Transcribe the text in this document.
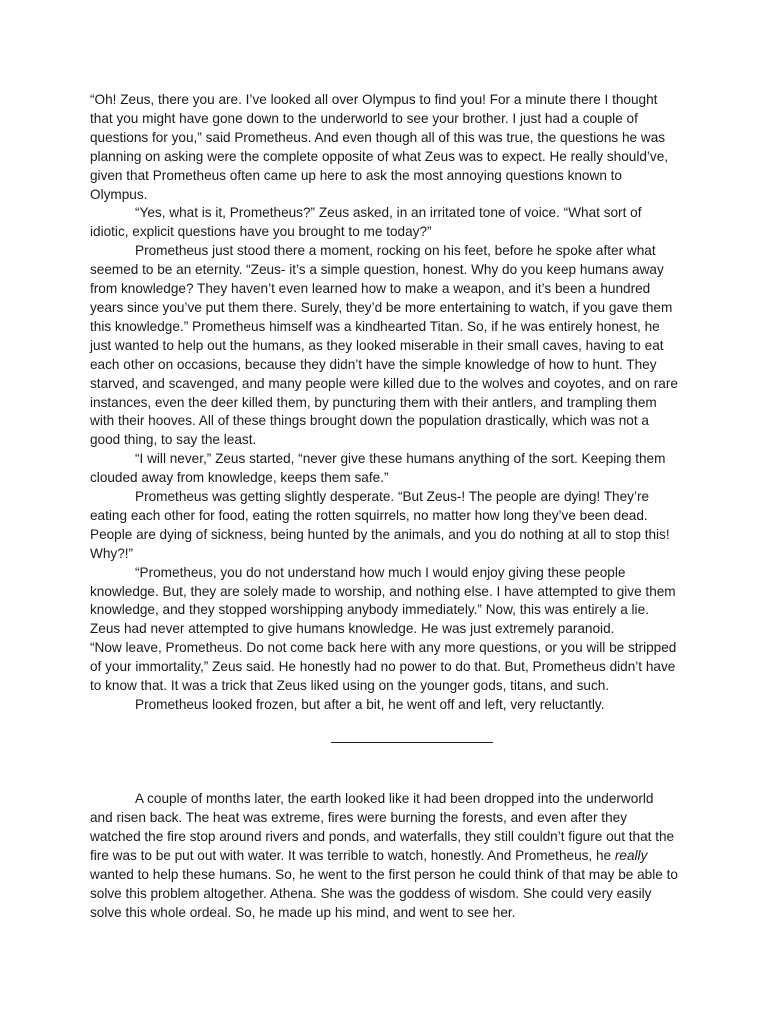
“Oh! Zeus, there you are. I’ve looked all over Olympus to find you! For a minute there I thought that you might have gone down to the underworld to see your brother. I just had a couple of questions for you,” said Prometheus. And even though all of this was true, the questions he was planning on asking were the complete opposite of what Zeus was to expect. He really should’ve, given that Prometheus often came up here to ask the most annoying questions known to Olympus.

“Yes, what is it, Prometheus?” Zeus asked, in an irritated tone of voice. “What sort of idiotic, explicit questions have you brought to me today?”

Prometheus just stood there a moment, rocking on his feet, before he spoke after what seemed to be an eternity. “Zeus- it’s a simple question, honest. Why do you keep humans away from knowledge? They haven’t even learned how to make a weapon, and it’s been a hundred years since you’ve put them there. Surely, they’d be more entertaining to watch, if you gave them this knowledge.” Prometheus himself was a kindhearted Titan. So, if he was entirely honest, he just wanted to help out the humans, as they looked miserable in their small caves, having to eat each other on occasions, because they didn’t have the simple knowledge of how to hunt. They starved, and scavenged, and many people were killed due to the wolves and coyotes, and on rare instances, even the deer killed them, by puncturing them with their antlers, and trampling them with their hooves. All of these things brought down the population drastically, which was not a good thing, to say the least.

“I will never,” Zeus started, “never give these humans anything of the sort. Keeping them clouded away from knowledge, keeps them safe.”

Prometheus was getting slightly desperate. “But Zeus-! The people are dying! They’re eating each other for food, eating the rotten squirrels, no matter how long they’ve been dead. People are dying of sickness, being hunted by the animals, and you do nothing at all to stop this! Why?!”

“Prometheus, you do not understand how much I would enjoy giving these people knowledge. But, they are solely made to worship, and nothing else. I have attempted to give them knowledge, and they stopped worshipping anybody immediately.” Now, this was entirely a lie. Zeus had never attempted to give humans knowledge. He was just extremely paranoid.

“Now leave, Prometheus. Do not come back here with any more questions, or you will be stripped of your immortality,” Zeus said. He honestly had no power to do that. But, Prometheus didn’t have to know that. It was a trick that Zeus liked using on the younger gods, titans, and such.

Prometheus looked frozen, but after a bit, he went off and left, very reluctantly.

A couple of months later, the earth looked like it had been dropped into the underworld and risen back. The heat was extreme, fires were burning the forests, and even after they watched the fire stop around rivers and ponds, and waterfalls, they still couldn’t figure out that the fire was to be put out with water. It was terrible to watch, honestly. And Prometheus, he really wanted to help these humans. So, he went to the first person he could think of that may be able to solve this problem altogether. Athena. She was the goddess of wisdom. She could very easily solve this whole ordeal. So, he made up his mind, and went to see her.
